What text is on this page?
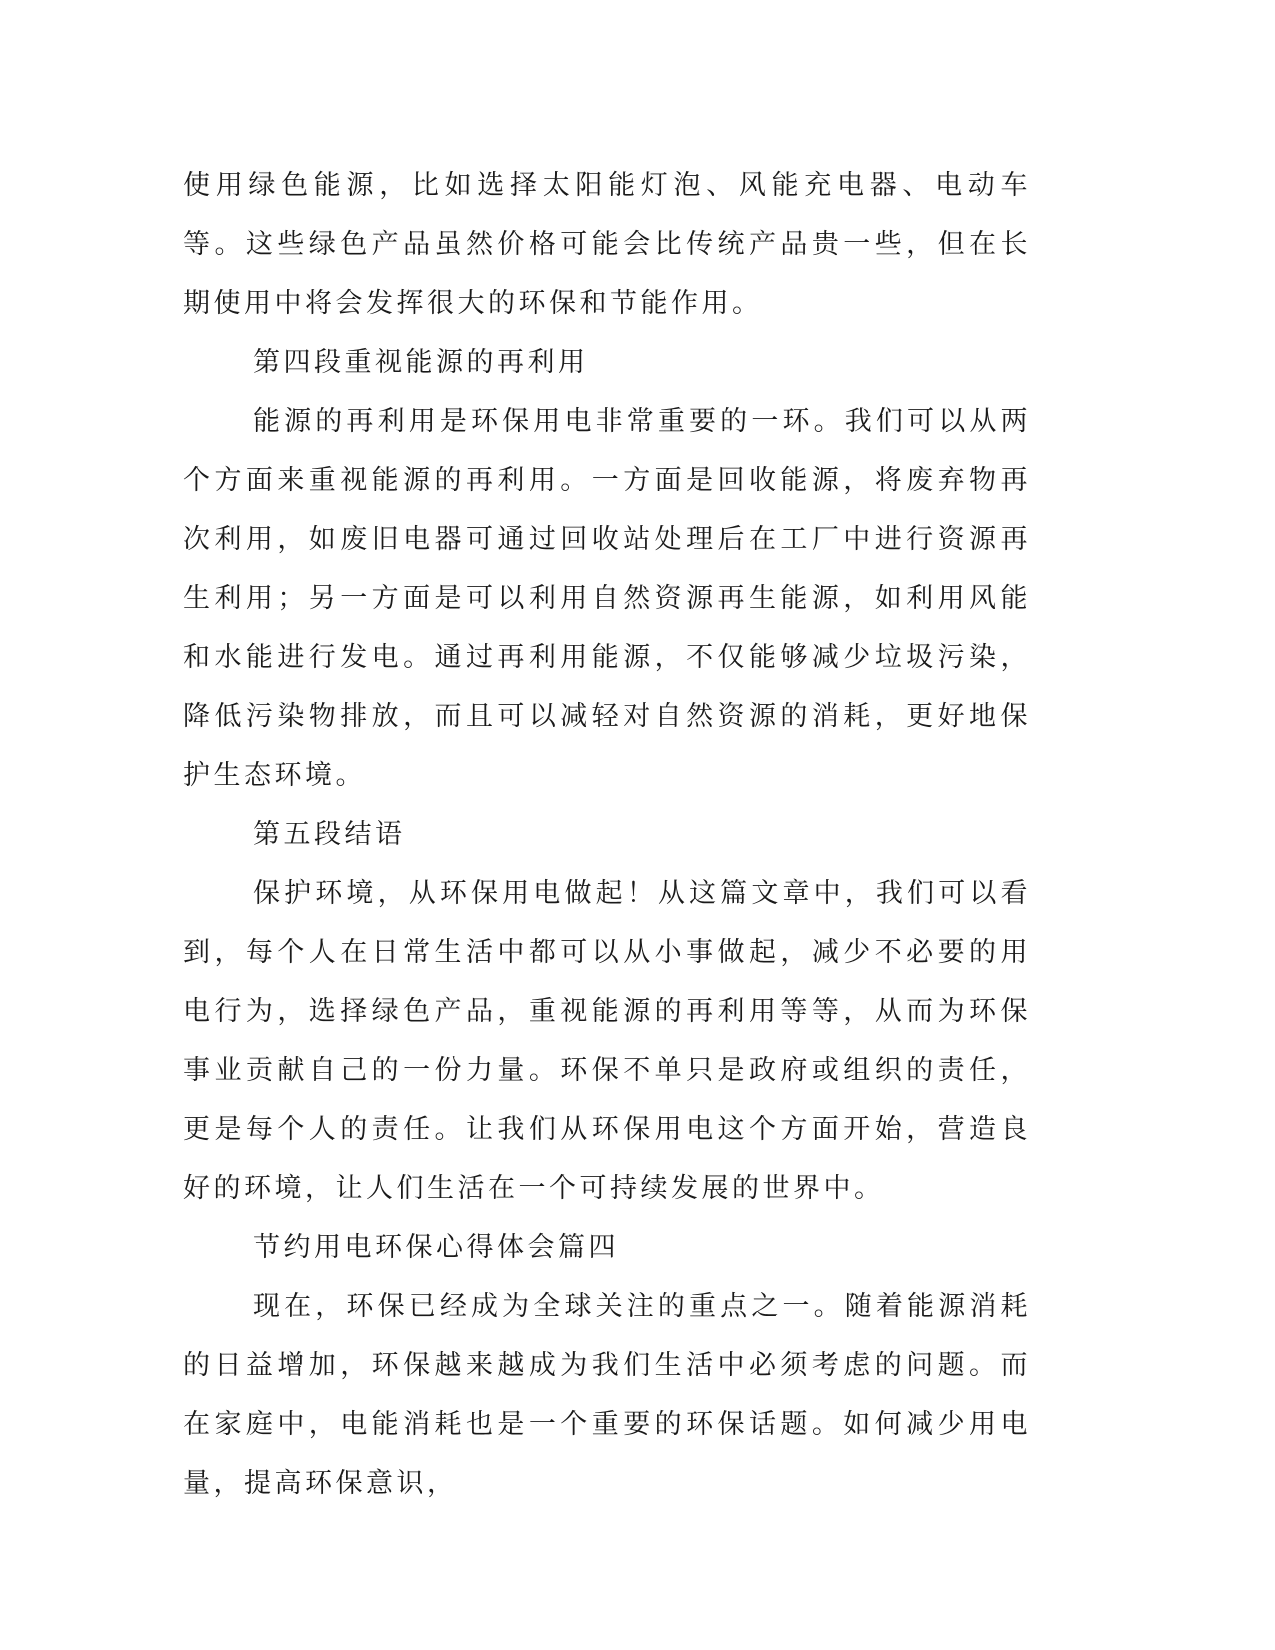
使用绿色能源，比如选择太阳能灯泡、风能充电器、电动车等。这些绿色产品虽然价格可能会比传统产品贵一些，但在长期使用中将会发挥很大的环保和节能作用。

第四段重视能源的再利用

能源的再利用是环保用电非常重要的一环。我们可以从两个方面来重视能源的再利用。一方面是回收能源，将废弃物再次利用，如废旧电器可通过回收站处理后在工厂中进行资源再生利用；另一方面是可以利用自然资源再生能源，如利用风能和水能进行发电。通过再利用能源，不仅能够减少垃圾污染，降低污染物排放，而且可以减轻对自然资源的消耗，更好地保护生态环境。

第五段结语

保护环境，从环保用电做起！从这篇文章中，我们可以看到，每个人在日常生活中都可以从小事做起，减少不必要的用电行为，选择绿色产品，重视能源的再利用等等，从而为环保事业贡献自己的一份力量。环保不单只是政府或组织的责任，更是每个人的责任。让我们从环保用电这个方面开始，营造良好的环境，让人们生活在一个可持续发展的世界中。

节约用电环保心得体会篇四

现在，环保已经成为全球关注的重点之一。随着能源消耗的日益增加，环保越来越成为我们生活中必须考虑的问题。而在家庭中，电能消耗也是一个重要的环保话题。如何减少用电量，提高环保意识，
